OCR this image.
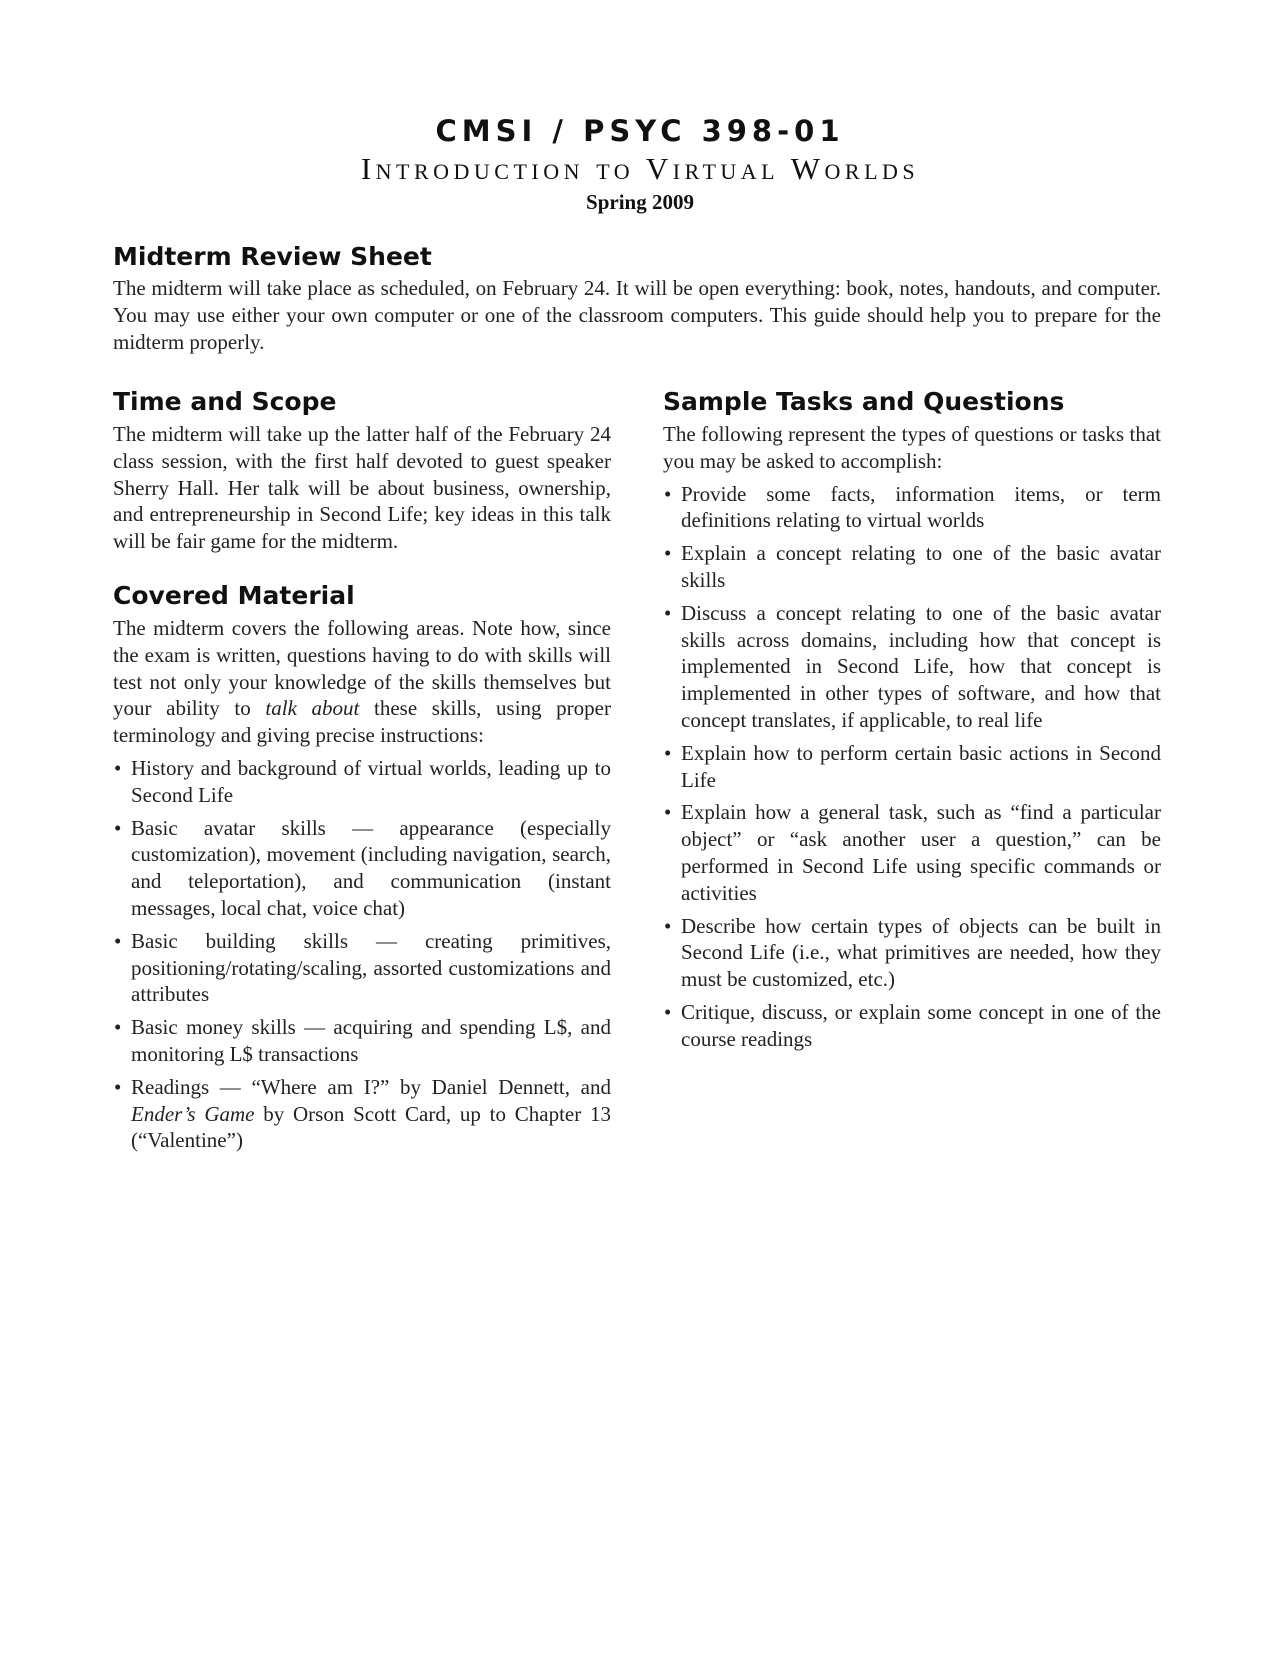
CMSI / PSYC 398-01
Introduction to Virtual Worlds
Spring 2009
Midterm Review Sheet

The midterm will take place as scheduled, on February 24. It will be open everything: book, notes, handouts, and computer. You may use either your own computer or one of the classroom computers. This guide should help you to prepare for the midterm properly.

Time and Scope

The midterm will take up the latter half of the February 24 class session, with the first half devoted to guest speaker Sherry Hall. Her talk will be about business, ownership, and entrepreneurship in Second Life; key ideas in this talk will be fair game for the midterm.

Covered Material

The midterm covers the following areas. Note how, since the exam is written, questions having to do with skills will test not only your knowledge of the skills themselves but your ability to talk about these skills, using proper terminology and giving precise instructions:

• History and background of virtual worlds, leading up to Second Life
• Basic avatar skills — appearance (especially customization), movement (including navigation, search, and teleportation), and communication (instant messages, local chat, voice chat)
• Basic building skills — creating primitives, positioning/rotating/scaling, assorted customizations and attributes
• Basic money skills — acquiring and spending L$, and monitoring L$ transactions
• Readings — “Where am I?” by Daniel Dennett, and Ender’s Game by Orson Scott Card, up to Chapter 13 (“Valentine”)
Sample Tasks and Questions

The following represent the types of questions or tasks that you may be asked to accomplish:

• Provide some facts, information items, or term definitions relating to virtual worlds
• Explain a concept relating to one of the basic avatar skills
• Discuss a concept relating to one of the basic avatar skills across domains, including how that concept is implemented in Second Life, how that concept is implemented in other types of software, and how that concept translates, if applicable, to real life
• Explain how to perform certain basic actions in Second Life
• Explain how a general task, such as “find a particular object” or “ask another user a question,” can be performed in Second Life using specific commands or activities
• Describe how certain types of objects can be built in Second Life (i.e., what primitives are needed, how they must be customized, etc.)
• Critique, discuss, or explain some concept in one of the course readings
